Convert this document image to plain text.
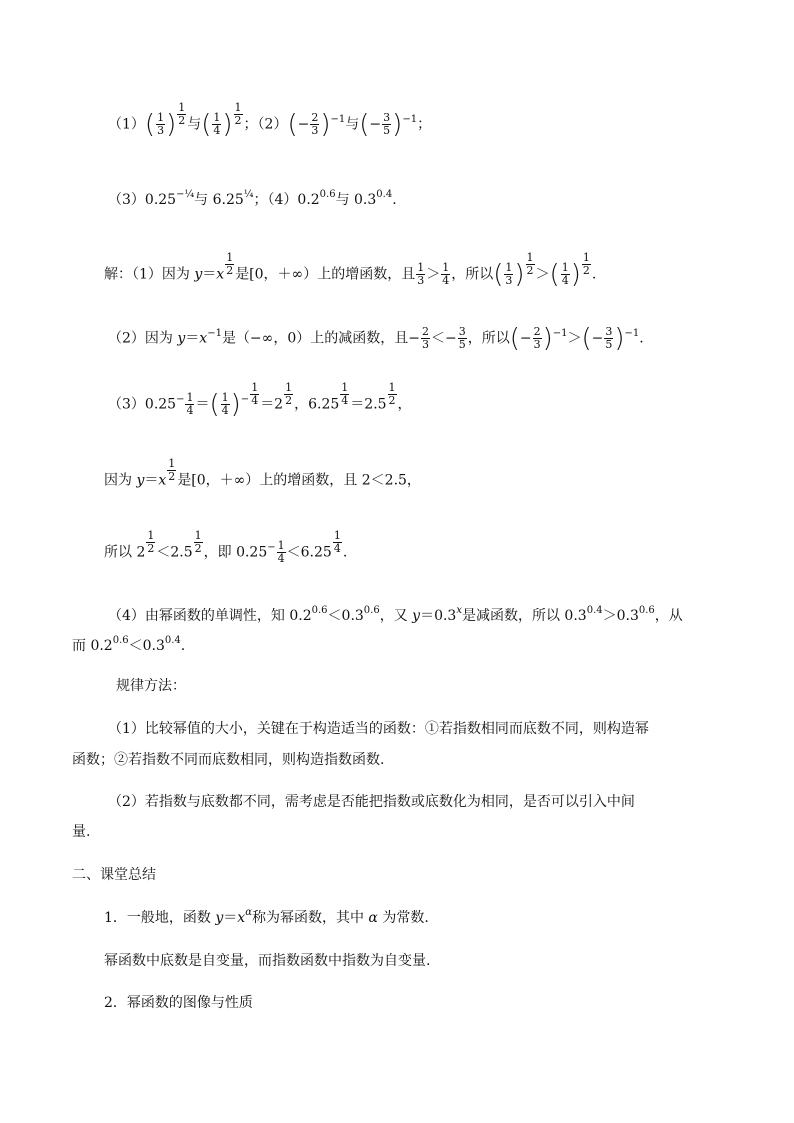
$(1)( \frac{1}{3}$ ) $\frac{1}{2}$ 与( $\frac{1}{4}$ ) $\frac{1}{2}$ ；$(2)(- \frac{2}{3} )^{-1}$与(− $\frac{3}{5} )^{-1}$；
$(3)0.25^{-\frac{1}{4}}$与 $6.25^{\frac{1}{4}}$；$(4)0.2^{0.6}$与 $0.3^{0.4}$.
解：（1）因为 $y=x \frac{1}{2}$ 是[0，＋∞）上的增函数，且 $\frac{1}{3} > \frac{1}{4}$ ，所以( $\frac{1}{3}$ ) $\frac{1}{2}$ ＞( $\frac{1}{4}$ ) $\frac{1}{2}$ .
（2）因为 $y=x^{-1}$是（−∞，0）上的减函数，且− $\frac{2}{3} <- \frac{3}{5}$ ，所以(− $\frac{2}{3} )^{-1}>(- \frac{3}{5} )^{-1}$.
$(3)0.25^- \frac{1}{4}$ ＝( $\frac{1}{4} )^- \frac{1}{4} =2 \frac{1}{2}$ ，$6.25 \frac{1}{4} =2.5 \frac{1}{2}$ ，
因为 $y=x \frac{1}{2}$ 是[0，＋∞）上的增函数，且 2＜2.5，
所以 $2 \frac{1}{2} <2.5 \frac{1}{2}$ ，即 $0.25^- \frac{1}{4} <6.25 \frac{1}{4}$ .
（4）由幂函数的单调性，知 $0.2^{0.6}<0.3^{0.6}$，又 $y=0.3^x$是减函数，所以 $0.3^{0.4}>0.3^{0.6}$，从
而 $0.2^{0.6}<0.3^{0.4}$.
规律方法：
（1）比较幂值的大小，关键在于构造适当的函数：①若指数相同而底数不同，则构造幂
函数；②若指数不同而底数相同，则构造指数函数.
（2）若指数与底数都不同，需考虑是否能把指数或底数化为相同，是否可以引入中间
量.
二、课堂总结
1．一般地，函数 $y=x^\alpha$称为幂函数，其中 α 为常数.
幂函数中底数是自变量，而指数函数中指数为自变量.
2．幂函数的图像与性质
